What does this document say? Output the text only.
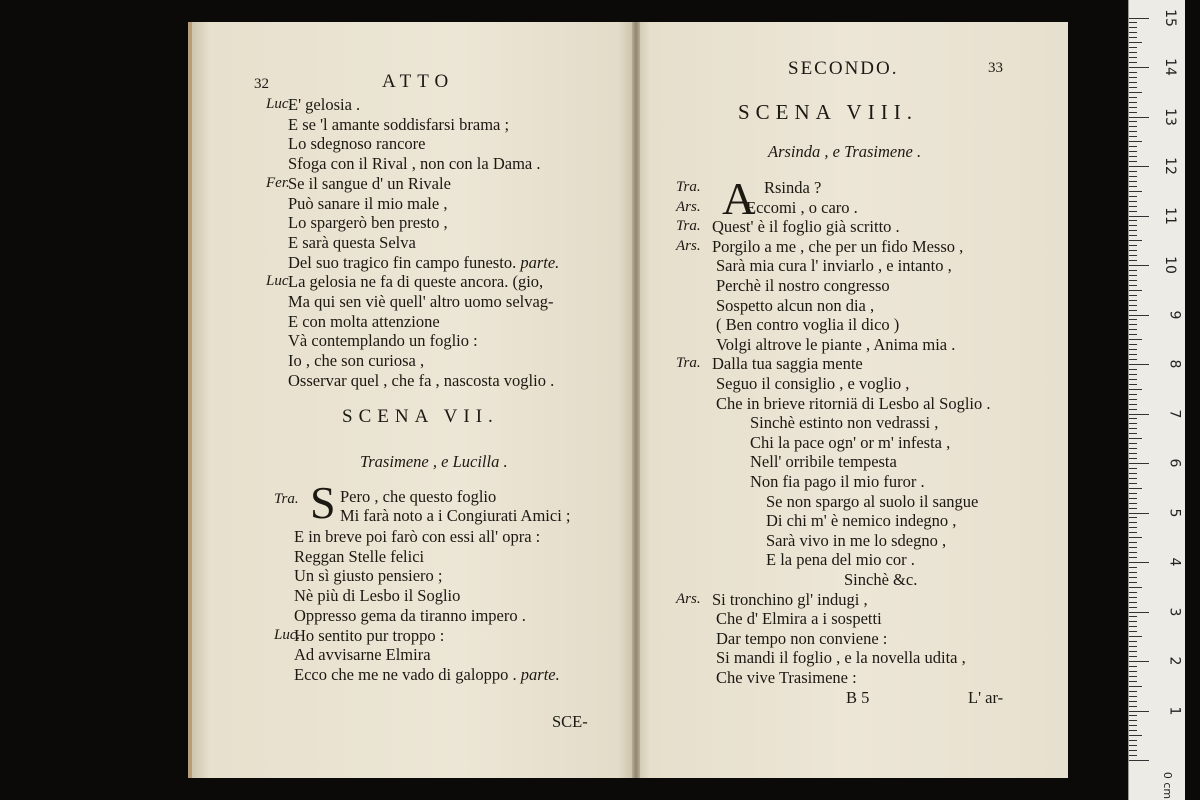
32	ATTO
SCENA VII.
Trasimene , e Lucilla .
Tra. S
SCE-
Luc.
E' gelosia .
E se 'l amante soddisfarsi brama ;
Lo sdegnoso rancore
Sfoga con il Rival , non con la Dama .
Fer.
Se il sangue d' un Rivale
Può sanare il mio male ,
Lo spargerò ben presto ,
E sarà questa Selva
Del suo tragico fin campo funesto. parte.
Luc.
La gelosia ne fa di queste ancora. (gio,
Ma qui sen viè quell' altro uomo selvag-
E con molta attenzione
Và contemplando un foglio :
Io , che son curiosa ,
Osservar quel , che fa , nascosta voglio .
Pero , che questo foglio
Mi farà noto a i Congiurati Amici ;
E in breve poi farò con essi all' opra :
Reggan Stelle felici
Un sì giusto pensiero ;
Nè più di Lesbo il Soglio
Oppresso gema da tiranno impero .
Luc.
Ho sentito pur troppo :
Ad avvisarne Elmira
Ecco che me ne vado di galoppo . parte.
SECONDO.	33
SCENA VIII.
Arsinda , e Trasimene .
A
B 5	L' ar-
Tra.	Rsinda ?
Ars.	Eccomi , o caro .
Tra. Quest' è il foglio già scritto .
Ars. Porgilo a me , che per un fido Messo ,
Sarà mia cura l' inviarlo , e intanto ,
Perchè il nostro congresso
Sospetto alcun non dia ,
( Ben contro voglia il dico )
Volgi altrove le piante , Anima mia .
Tra. Dalla tua saggia mente
Seguo il consiglio , e voglio ,
Che in brieve ritorniä di Lesbo al Soglio .
Sinchè estinto non vedrassi ,
Chi la pace ogn' or m' infesta ,
Nell' orribile tempesta
Non fia pago il mio furor .
Se non spargo al suolo il sangue
Di chi m' è nemico indegno ,
Sarà vivo in me lo sdegno ,
E la pena del mio cor .
Sinchè &c.
Ars. Si tronchino gl' indugi ,
Che d' Elmira a i sospetti
Dar tempo non conviene :
Si mandi il foglio , e la novella udita ,
Che vive Trasimene :
0 cm
1
2
3
4
5
6
7
8
9
10
11
12
13
14
15
